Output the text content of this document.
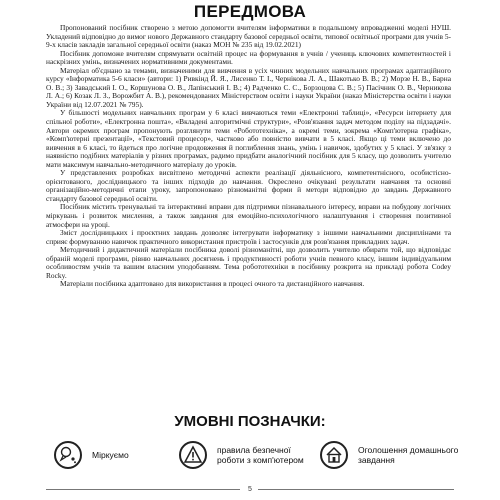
ПЕРЕДМОВА

Пропонований посібник створено з метою допомогти вчителям інформатики в подальшому впровадженні моделі НУШ. Укладений відповідно до вимог нового Державного стандарту базової середньої освіти, типової освітньої програми для учнів 5-9-х класів закладів загальної середньої освіти (наказ МОН № 235 від 19.02.2021)

Посібник допоможе вчителям спрямувати освітній процес на формування в учнів / учениць ключових компетентностей і наскрізних умінь, визначених нормативними документами.

Матеріал об'єднано за темами, визначеними для вивчення в усіх чинних модельних навчальних програмах адаптаційного курсу «Інформатика 5-6 класи» (автори: 1) Ривкінд Й. Я., Лисенко Т. І., Чернікова Л. А., Шакотько В. В.; 2) Морзе Н. В., Барна О. В.; 3) Завадський І. О., Коршунова О. В., Лапінський І. В.; 4) Радченко С. С., Борзоцова С. В.; 5) Пасічник О. В., Черникова Л. А.; 6) Козак Л. З., Ворожбит А. В.), рекомендованих Міністерством освіти і науки України (наказ Міністерства освіти і науки України від 12.07.2021 № 795).

У більшості модельних навчальних програм у 6 класі вивчаються теми «Електронні таблиці», «Ресурси інтернету для спільної роботи», «Електронна пошта», «Вкладені алгоритмічні структури», «Розв'язання задач методом поділу на підзадачі». Автори окремих програм пропонують розглянути теми «Робототехніка», а окремі теми, зокрема «Комп'ютерна графіка», «Комп'ютерні презентації», «Текстовий процесор», частково або повністю вивчати в 5 класі. Якщо ці теми включено до вивчення в 6 класі, то йдеться про логічне продовження й поглиблення знань, умінь і навичок, здобутих у 5 класі. У зв'язку з наявністю подібних матеріалів у різних програмах, радимо придбати аналогічний посібник для 5 класу, що дозволить учителю мати максимум навчально-методичного матеріалу до уроків.

У представлених розробках висвітлено методичні аспекти реалізації діяльнісного, компетентнісного, особистісно-орієнтованого, дослідницького та інших підходів до навчання. Окреслено очікувані результати навчання та основні організаційно-методичні етапи уроку, запропоновано різноманітні форми й методи відповідно до завдань Державного стандарту базової середньої освіти.

Посібник містить тренувальні та інтерактивні вправи для підтримки пізнавального інтересу, вправи на побудову логічних міркувань і розвиток мислення, а також завдання для емоційно-психологічного налаштування і створення позитивної атмосфери на уроці.

Зміст дослідницьких і проєктних завдань дозволяє інтегрувати інформатику з іншими навчальними дисциплінами та сприяє формуванню навичок практичного використання пристроїв і застосунків для розв'язання прикладних задач.

Методичний і дидактичний матеріали посібника доволі різноманітні, що дозволить учителю обирати той, що відповідає обраній моделі програми, рівню навчальних досягнень і продуктивності роботи учнів певного класу, іншим індивідуальним особливостям учнів та вашим власним уподобанням. Тема робототехніки в посібнику розкрита на прикладі робота Codey Rocky.

Матеріали посібника адаптовано для використання в процесі очного та дистанційного навчання.

УМОВНІ ПОЗНАЧКИ:
Міркуємо	правила безпечної роботи з комп'ютером
Оголошення домашнього завдання
5
